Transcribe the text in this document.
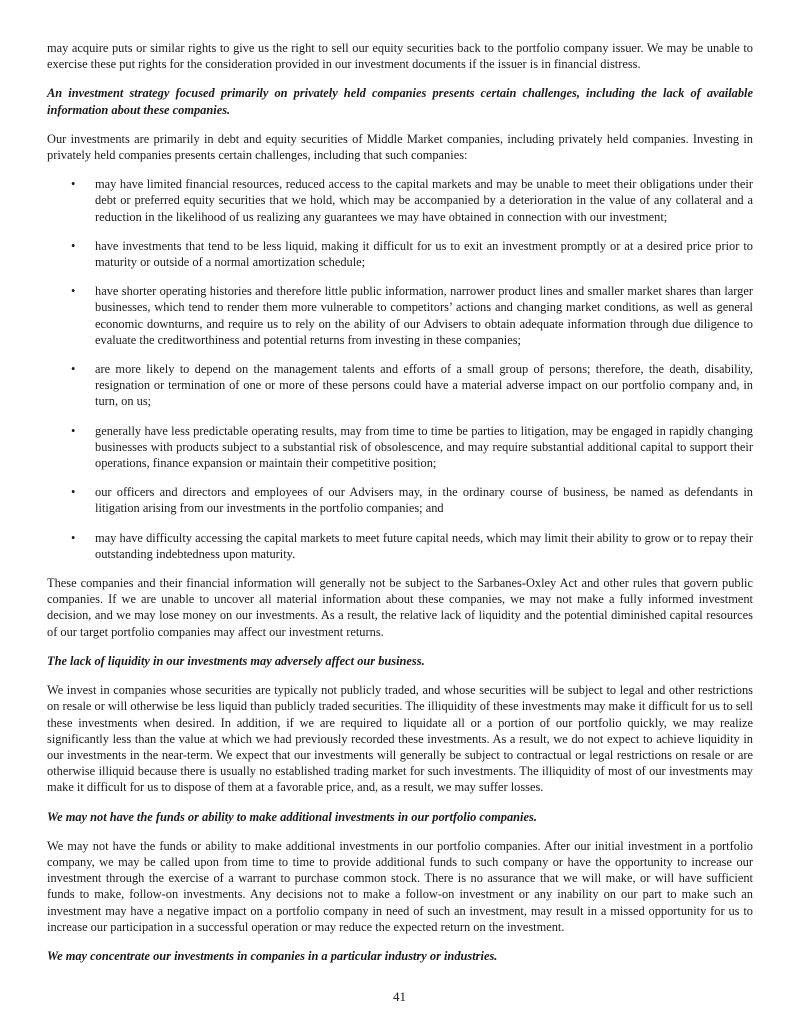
may acquire puts or similar rights to give us the right to sell our equity securities back to the portfolio company issuer. We may be unable to exercise these put rights for the consideration provided in our investment documents if the issuer is in financial distress.

An investment strategy focused primarily on privately held companies presents certain challenges, including the lack of available information about these companies.

Our investments are primarily in debt and equity securities of Middle Market companies, including privately held companies. Investing in privately held companies presents certain challenges, including that such companies:

• may have limited financial resources, reduced access to the capital markets and may be unable to meet their obligations under their debt or preferred equity securities that we hold, which may be accompanied by a deterioration in the value of any collateral and a reduction in the likelihood of us realizing any guarantees we may have obtained in connection with our investment;
• have investments that tend to be less liquid, making it difficult for us to exit an investment promptly or at a desired price prior to maturity or outside of a normal amortization schedule;
• have shorter operating histories and therefore little public information, narrower product lines and smaller market shares than larger businesses, which tend to render them more vulnerable to competitors’ actions and changing market conditions, as well as general economic downturns, and require us to rely on the ability of our Advisers to obtain adequate information through due diligence to evaluate the creditworthiness and potential returns from investing in these companies;
• are more likely to depend on the management talents and efforts of a small group of persons; therefore, the death, disability, resignation or termination of one or more of these persons could have a material adverse impact on our portfolio company and, in turn, on us;
• generally have less predictable operating results, may from time to time be parties to litigation, may be engaged in rapidly changing businesses with products subject to a substantial risk of obsolescence, and may require substantial additional capital to support their operations, finance expansion or maintain their competitive position;
• our officers and directors and employees of our Advisers may, in the ordinary course of business, be named as defendants in litigation arising from our investments in the portfolio companies; and
• may have difficulty accessing the capital markets to meet future capital needs, which may limit their ability to grow or to repay their outstanding indebtedness upon maturity.

These companies and their financial information will generally not be subject to the Sarbanes-Oxley Act and other rules that govern public companies. If we are unable to uncover all material information about these companies, we may not make a fully informed investment decision, and we may lose money on our investments. As a result, the relative lack of liquidity and the potential diminished capital resources of our target portfolio companies may affect our investment returns.

The lack of liquidity in our investments may adversely affect our business.

We invest in companies whose securities are typically not publicly traded, and whose securities will be subject to legal and other restrictions on resale or will otherwise be less liquid than publicly traded securities. The illiquidity of these investments may make it difficult for us to sell these investments when desired. In addition, if we are required to liquidate all or a portion of our portfolio quickly, we may realize significantly less than the value at which we had previously recorded these investments. As a result, we do not expect to achieve liquidity in our investments in the near-term. We expect that our investments will generally be subject to contractual or legal restrictions on resale or are otherwise illiquid because there is usually no established trading market for such investments. The illiquidity of most of our investments may make it difficult for us to dispose of them at a favorable price, and, as a result, we may suffer losses.

We may not have the funds or ability to make additional investments in our portfolio companies.

We may not have the funds or ability to make additional investments in our portfolio companies. After our initial investment in a portfolio company, we may be called upon from time to time to provide additional funds to such company or have the opportunity to increase our investment through the exercise of a warrant to purchase common stock. There is no assurance that we will make, or will have sufficient funds to make, follow-on investments. Any decisions not to make a follow-on investment or any inability on our part to make such an investment may have a negative impact on a portfolio company in need of such an investment, may result in a missed opportunity for us to increase our participation in a successful operation or may reduce the expected return on the investment.

We may concentrate our investments in companies in a particular industry or industries.

41
